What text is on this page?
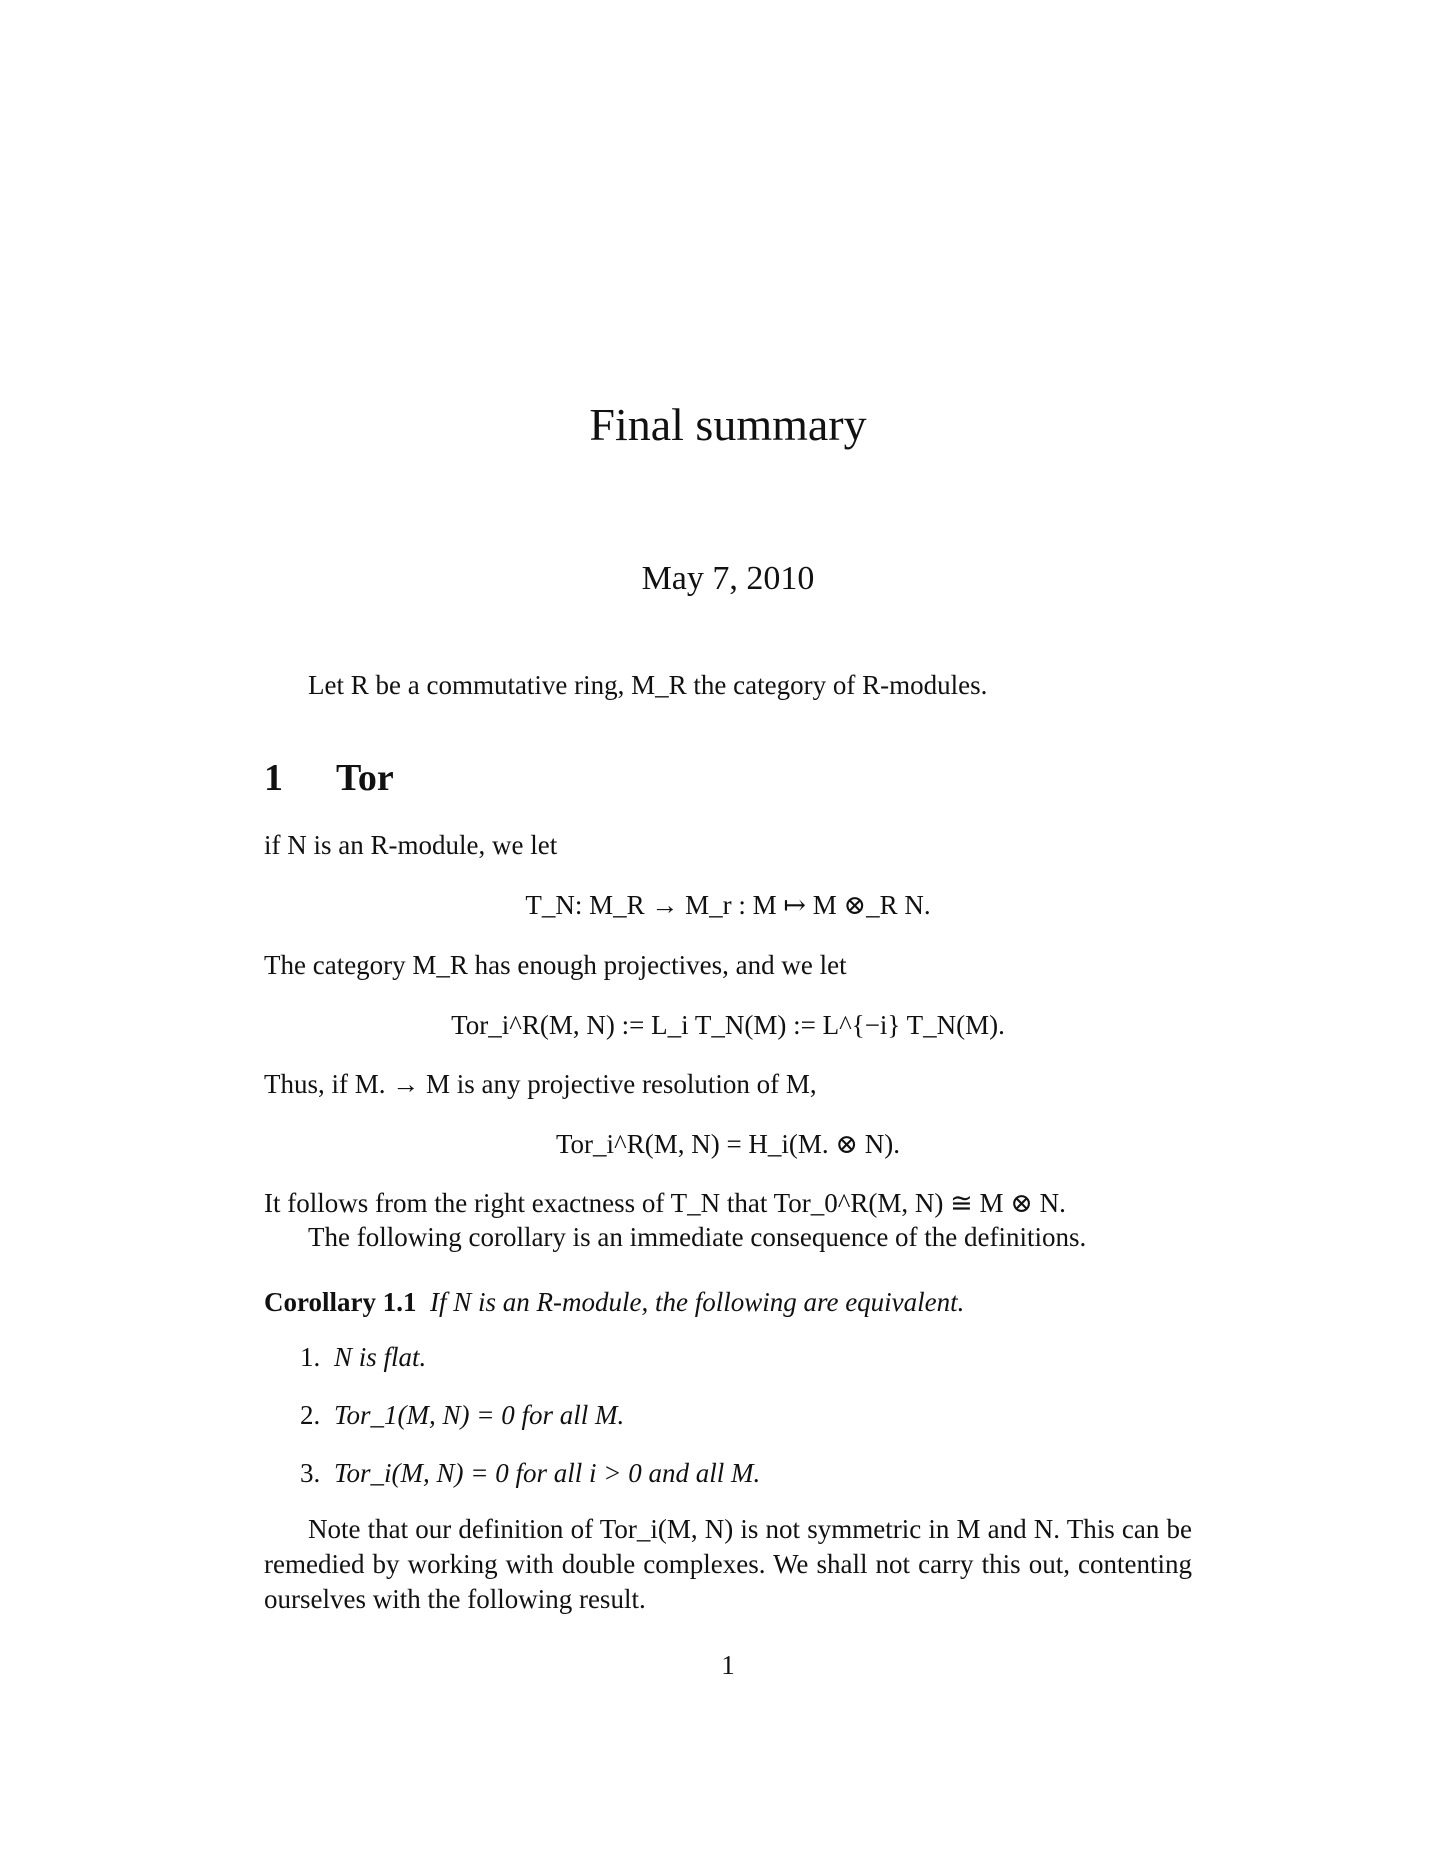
Final summary
May 7, 2010
Let R be a commutative ring, M_R the category of R-modules.
1 Tor
if N is an R-module, we let
T_N: M_R → M_r : M ↦ M ⊗_R N.
The category M_R has enough projectives, and we let
Tor_i^R(M, N) := L_i T_N(M) := L^{−i} T_N(M).
Thus, if M. → M is any projective resolution of M,
Tor_i^R(M, N) = H_i(M. ⊗ N).
It follows from the right exactness of T_N that Tor_0^R(M, N) ≅ M ⊗ N.
The following corollary is an immediate consequence of the definitions.
Corollary 1.1 If N is an R-module, the following are equivalent.
1. N is flat.
2. Tor_1(M, N) = 0 for all M.
3. Tor_i(M, N) = 0 for all i > 0 and all M.
Note that our definition of Tor_i(M, N) is not symmetric in M and N. This can be remedied by working with double complexes. We shall not carry this out, contenting ourselves with the following result.
1
